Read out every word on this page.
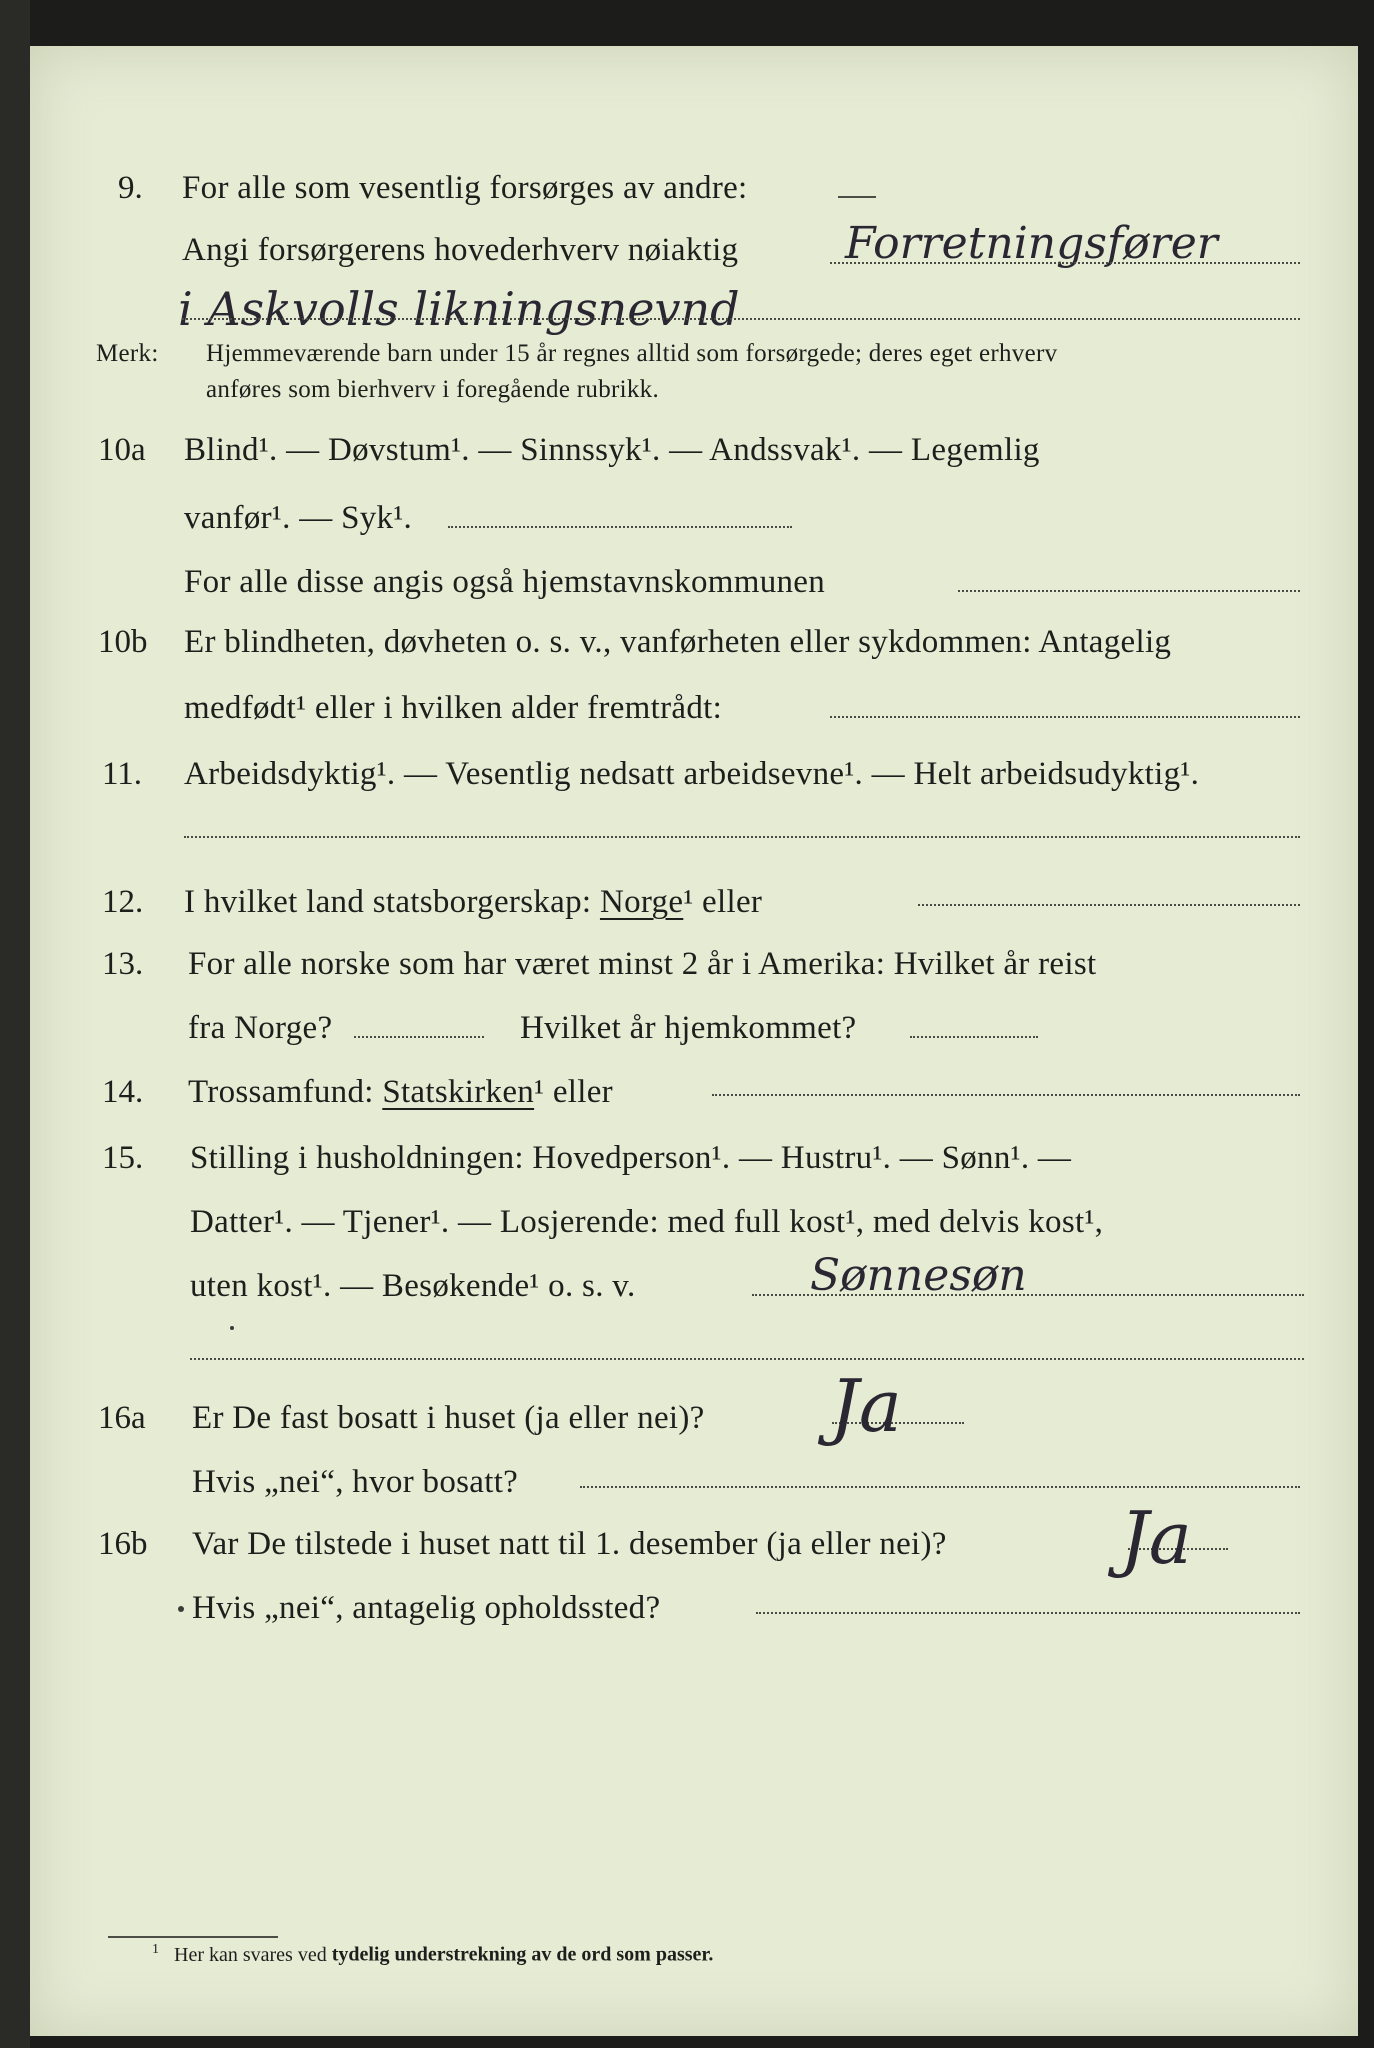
9. For alle som vesentlig forsørges av andre:
Angi forsørgerens hovederhverv nøiaktig Forretningsfører
i Askvolls likningsnevnd
Merk: Hjemmeværende barn under 15 år regnes alltid som forsørgede; deres eget erhverv
anføres som bierhverv i foregående rubrikk.
10a Blind¹. — Døvstum¹. — Sinnssyk¹. — Andssvak¹. — Legemlig
vanfør¹. — Syk¹.
For alle disse angis også hjemstavnskommunen
10b Er blindheten, døvheten o. s. v., vanførheten eller sykdommen: Antagelig
medfødt¹ eller i hvilken alder fremtrådt:
11. Arbeidsdyktig¹. — Vesentlig nedsatt arbeidsevne¹. — Helt arbeidsudyktig¹.
12. I hvilket land statsborgerskap: Norge¹ eller
13. For alle norske som har været minst 2 år i Amerika: Hvilket år reist
fra Norge?	Hvilket år hjemkommet?
14. Trossamfund: Statskirken¹ eller
15. Stilling i husholdningen: Hovedperson¹. — Hustru¹. — Sønn¹. —
Datter¹. — Tjener¹. — Losjerende: med full kost¹, med delvis kost¹,
uten kost¹. — Besøkende¹ o. s. v.	Sønnesøn
16a Er De fast bosatt i huset (ja eller nei)? Ja
Hvis „nei“, hvor bosatt?
16b Var De tilstede i huset natt til 1. desember (ja eller nei)? Ja
Hvis „nei“, antagelig opholdssted?
$^1$ Her kan svares ved tydelig understrekning av de ord som passer.
